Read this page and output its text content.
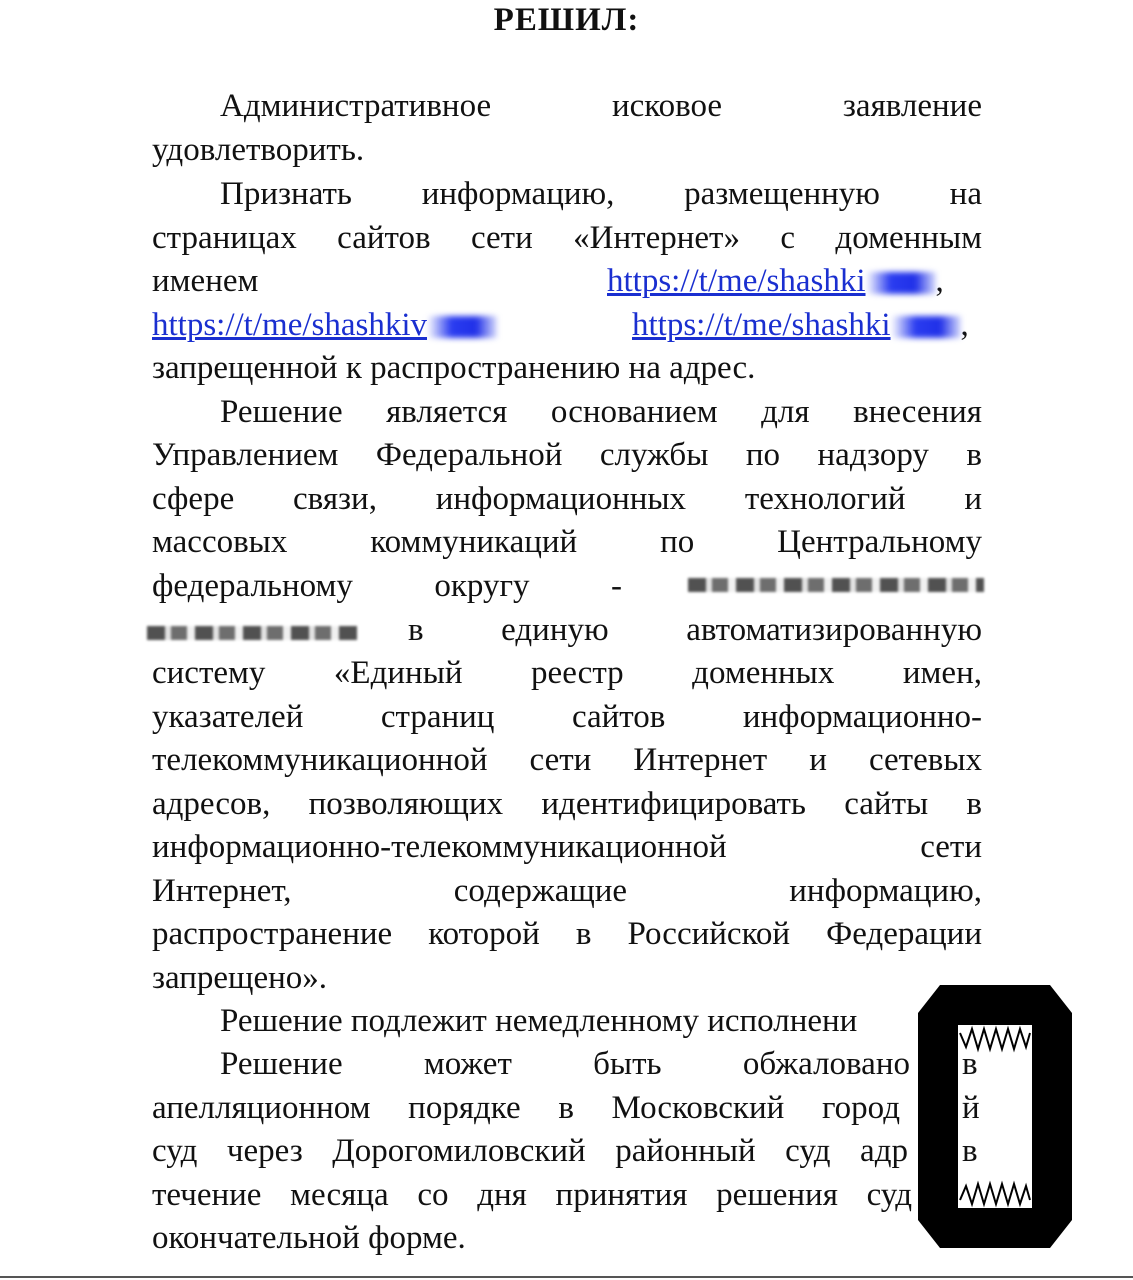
РЕШИЛ:
Административное исковое заявление
удовлетворить.
Признать информацию, размещенную на
страницах сайтов сети «Интернет» с доменным
именем	https://t/me/shashki ,
https://t/me/shashkiv	https://t/me/shashki ,
запрещенной к распространению на адрес.
Решение является основанием для внесения
Управлением Федеральной службы по надзору в
сфере связи, информационных технологий и
массовых коммуникаций по Центральному
федеральному округу -
в единую автоматизированную
системy «Единый реестр доменных имен,
указателей страниц сайтов информационно-
телекоммуникационной сети Интернет и сетевых
адресов, позволяющих идентифицировать сайты в
информационно-телекоммуникационной сети
Интернет, содержащие информацию,
распространение которой в Российской Федерации
запрещено».
Решение подлежит немедленному исполнени
Решение может быть обжаловано в
апелляционном порядке в Московский город й
суд через Дорогомиловский районный суд адр в
течение месяца со дня принятия решения суд
окончательной форме.
